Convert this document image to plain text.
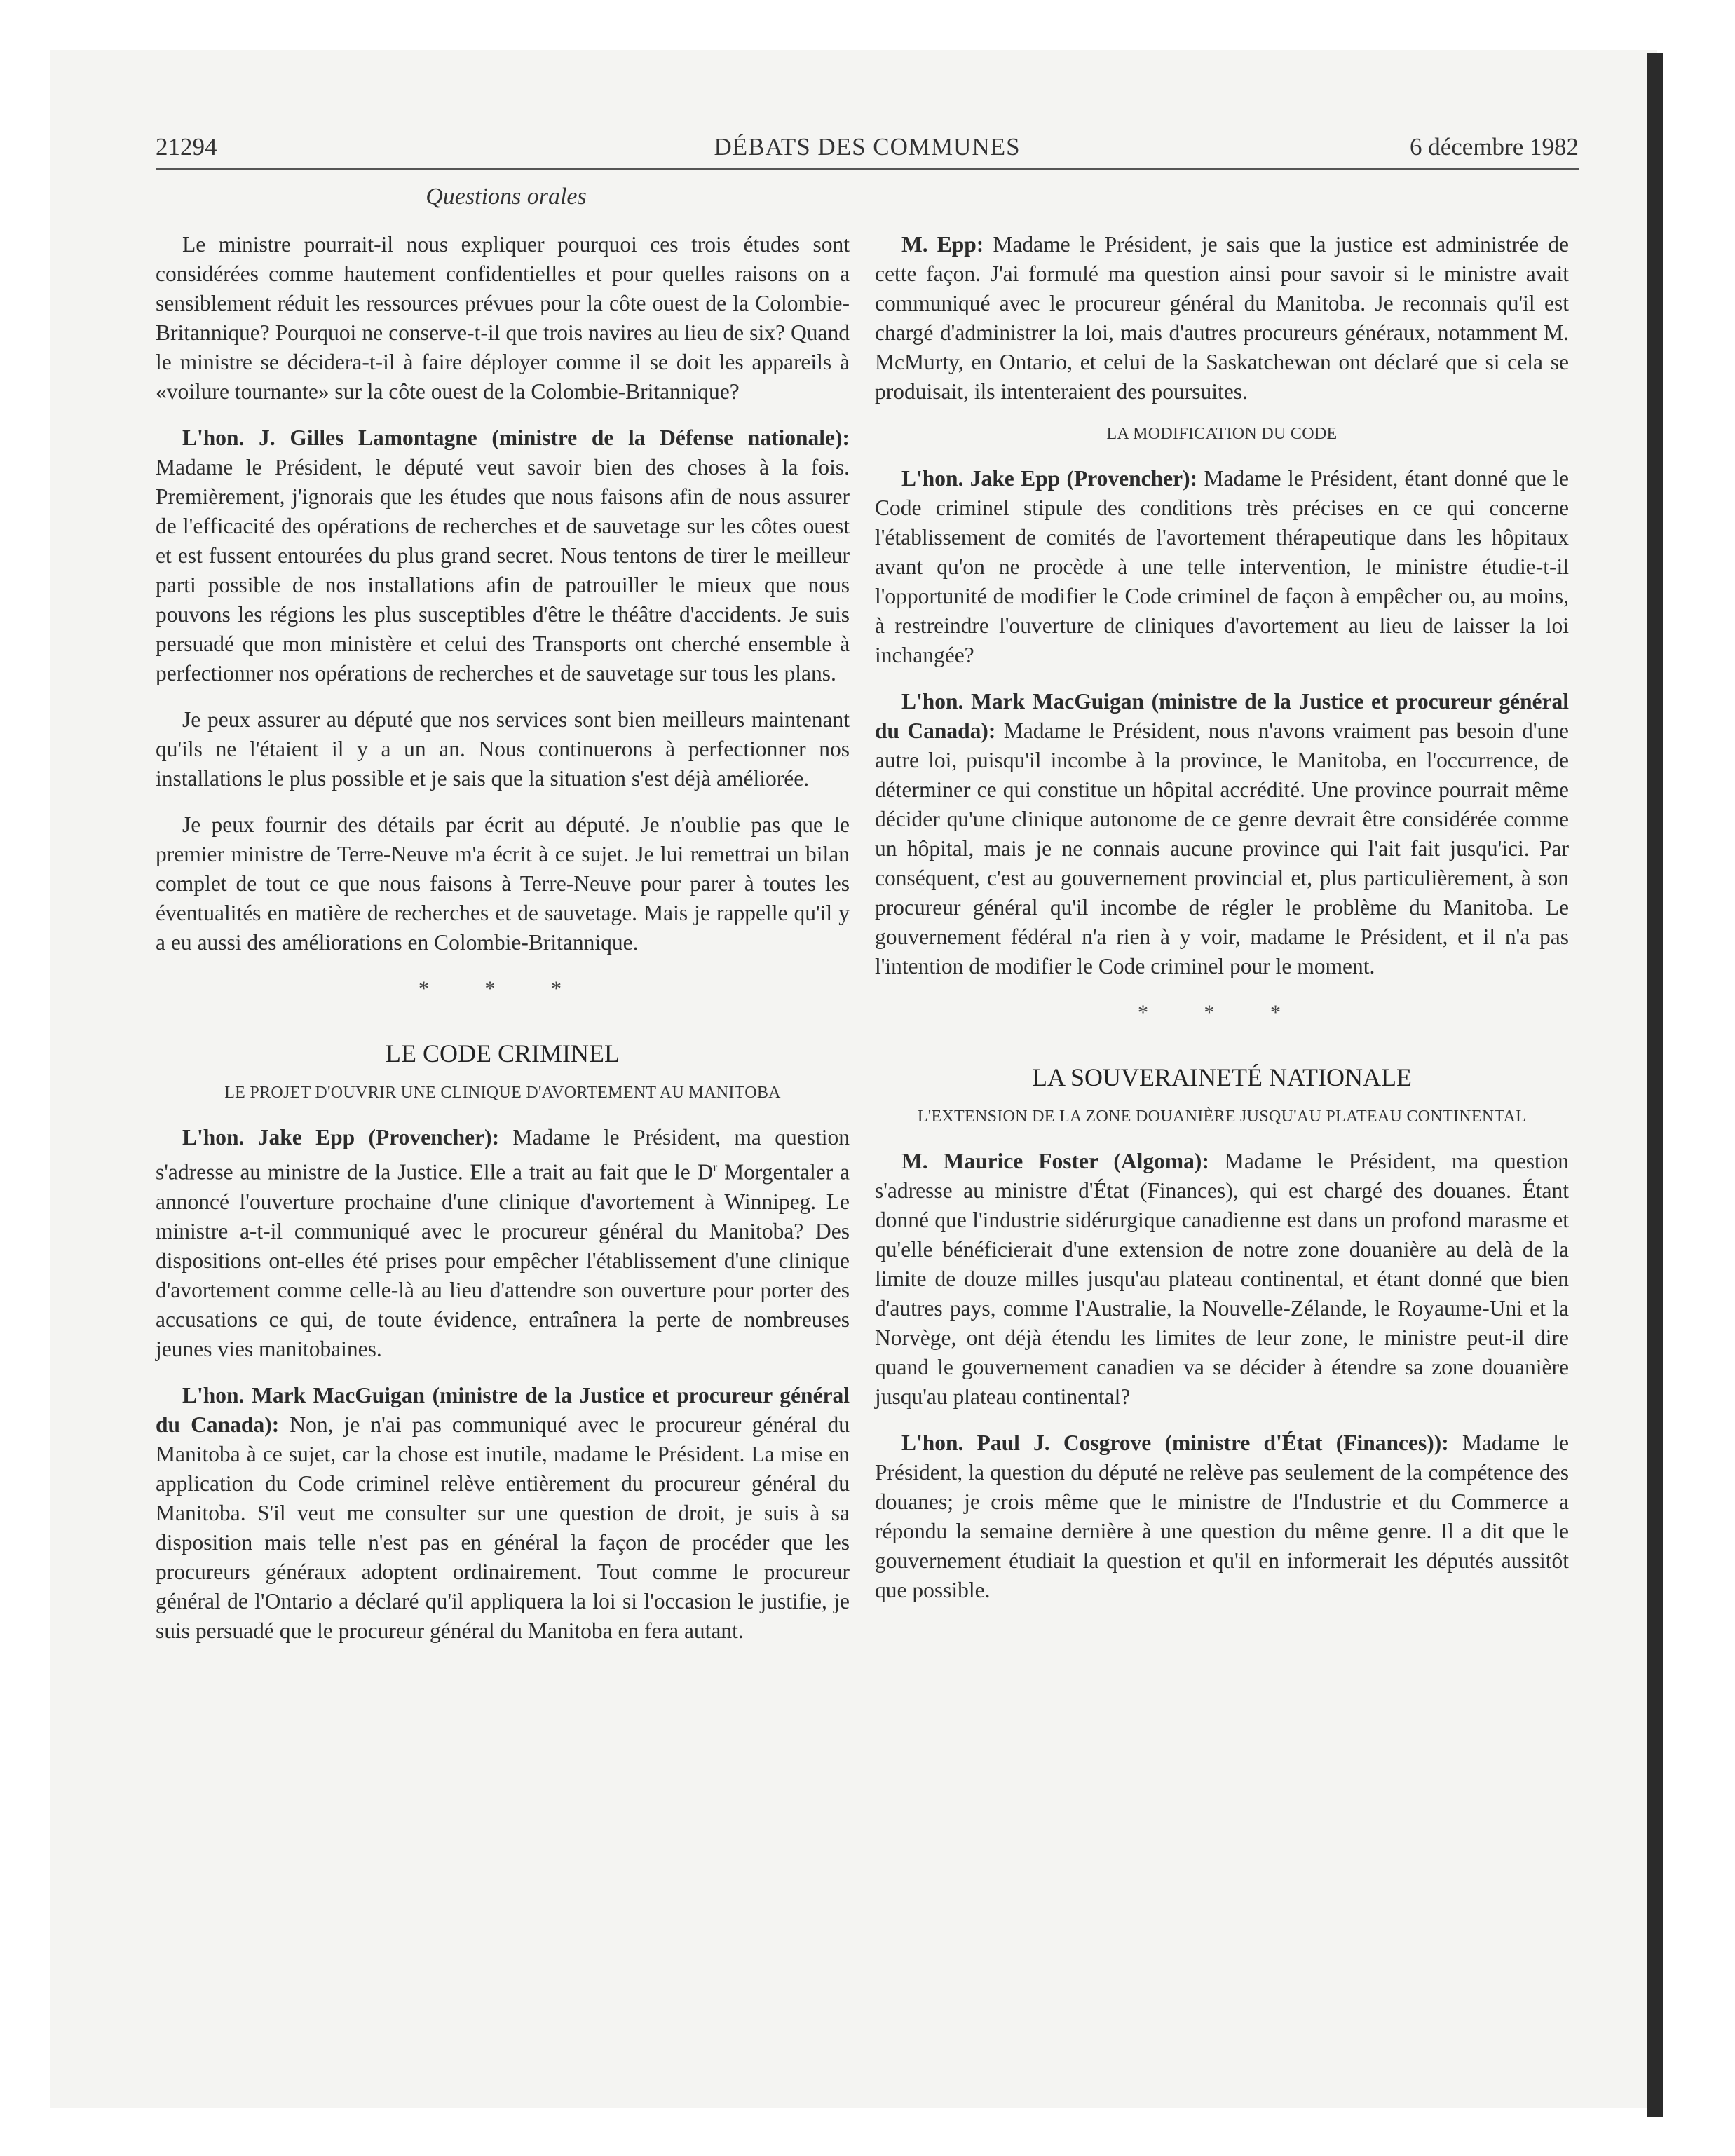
21294	DÉBATS DES COMMUNES	6 décembre 1982
Questions orales

Le ministre pourrait-il nous expliquer pourquoi ces trois études sont considérées comme hautement confidentielles et pour quelles raisons on a sensiblement réduit les ressources prévues pour la côte ouest de la Colombie-Britannique? Pourquoi ne conserve-t-il que trois navires au lieu de six? Quand le ministre se décidera-t-il à faire déployer comme il se doit les appareils à «voilure tournante» sur la côte ouest de la Colombie-Britannique?

L'hon. J. Gilles Lamontagne (ministre de la Défense nationale): Madame le Président, le député veut savoir bien des choses à la fois. Premièrement, j'ignorais que les études que nous faisons afin de nous assurer de l'efficacité des opérations de recherches et de sauvetage sur les côtes ouest et est fussent entourées du plus grand secret. Nous tentons de tirer le meilleur parti possible de nos installations afin de patrouiller le mieux que nous pouvons les régions les plus susceptibles d'être le théâtre d'accidents. Je suis persuadé que mon ministère et celui des Transports ont cherché ensemble à perfectionner nos opérations de recherches et de sauvetage sur tous les plans.

Je peux assurer au député que nos services sont bien meilleurs maintenant qu'ils ne l'étaient il y a un an. Nous continuerons à perfectionner nos installations le plus possible et je sais que la situation s'est déjà améliorée.

Je peux fournir des détails par écrit au député. Je n'oublie pas que le premier ministre de Terre-Neuve m'a écrit à ce sujet. Je lui remettrai un bilan complet de tout ce que nous faisons à Terre-Neuve pour parer à toutes les éventualités en matière de recherches et de sauvetage. Mais je rappelle qu'il y a eu aussi des améliorations en Colombie-Britannique.

* * *
LE CODE CRIMINEL
LE PROJET D'OUVRIR UNE CLINIQUE D'AVORTEMENT AU MANITOBA

L'hon. Jake Epp (Provencher): Madame le Président, ma question s'adresse au ministre de la Justice. Elle a trait au fait que le $D^r$ Morgentaler a annoncé l'ouverture prochaine d'une clinique d'avortement à Winnipeg. Le ministre a-t-il communiqué avec le procureur général du Manitoba? Des dispositions ont-elles été prises pour empêcher l'établissement d'une clinique d'avortement comme celle-là au lieu d'attendre son ouverture pour porter des accusations ce qui, de toute évidence, entraînera la perte de nombreuses jeunes vies manitobaines.

L'hon. Mark MacGuigan (ministre de la Justice et procureur général du Canada): Non, je n'ai pas communiqué avec le procureur général du Manitoba à ce sujet, car la chose est inutile, madame le Président. La mise en application du Code criminel relève entièrement du procureur général du Manitoba. S'il veut me consulter sur une question de droit, je suis à sa disposition mais telle n'est pas en général la façon de procéder que les procureurs généraux adoptent ordinairement. Tout comme le procureur général de l'Ontario a déclaré qu'il appliquera la loi si l'occasion le justifie, je suis persuadé que le procureur général du Manitoba en fera autant.

M. Epp: Madame le Président, je sais que la justice est administrée de cette façon. J'ai formulé ma question ainsi pour savoir si le ministre avait communiqué avec le procureur général du Manitoba. Je reconnais qu'il est chargé d'administrer la loi, mais d'autres procureurs généraux, notamment M. McMurty, en Ontario, et celui de la Saskatchewan ont déclaré que si cela se produisait, ils intenteraient des poursuites.

LA MODIFICATION DU CODE

L'hon. Jake Epp (Provencher): Madame le Président, étant donné que le Code criminel stipule des conditions très précises en ce qui concerne l'établissement de comités de l'avortement thérapeutique dans les hôpitaux avant qu'on ne procède à une telle intervention, le ministre étudie-t-il l'opportunité de modifier le Code criminel de façon à empêcher ou, au moins, à restreindre l'ouverture de cliniques d'avortement au lieu de laisser la loi inchangée?

L'hon. Mark MacGuigan (ministre de la Justice et procureur général du Canada): Madame le Président, nous n'avons vraiment pas besoin d'une autre loi, puisqu'il incombe à la province, le Manitoba, en l'occurrence, de déterminer ce qui constitue un hôpital accrédité. Une province pourrait même décider qu'une clinique autonome de ce genre devrait être considérée comme un hôpital, mais je ne connais aucune province qui l'ait fait jusqu'ici. Par conséquent, c'est au gouvernement provincial et, plus particulièrement, à son procureur général qu'il incombe de régler le problème du Manitoba. Le gouvernement fédéral n'a rien à y voir, madame le Président, et il n'a pas l'intention de modifier le Code criminel pour le moment.

* * *
LA SOUVERAINETÉ NATIONALE
L'EXTENSION DE LA ZONE DOUANIÈRE JUSQU'AU PLATEAU CONTINENTAL

M. Maurice Foster (Algoma): Madame le Président, ma question s'adresse au ministre d'État (Finances), qui est chargé des douanes. Étant donné que l'industrie sidérurgique canadienne est dans un profond marasme et qu'elle bénéficierait d'une extension de notre zone douanière au delà de la limite de douze milles jusqu'au plateau continental, et étant donné que bien d'autres pays, comme l'Australie, la Nouvelle-Zélande, le Royaume-Uni et la Norvège, ont déjà étendu les limites de leur zone, le ministre peut-il dire quand le gouvernement canadien va se décider à étendre sa zone douanière jusqu'au plateau continental?

L'hon. Paul J. Cosgrove (ministre d'État (Finances)): Madame le Président, la question du député ne relève pas seulement de la compétence des douanes; je crois même que le ministre de l'Industrie et du Commerce a répondu la semaine dernière à une question du même genre. Il a dit que le gouvernement étudiait la question et qu'il en informerait les députés aussitôt que possible.
